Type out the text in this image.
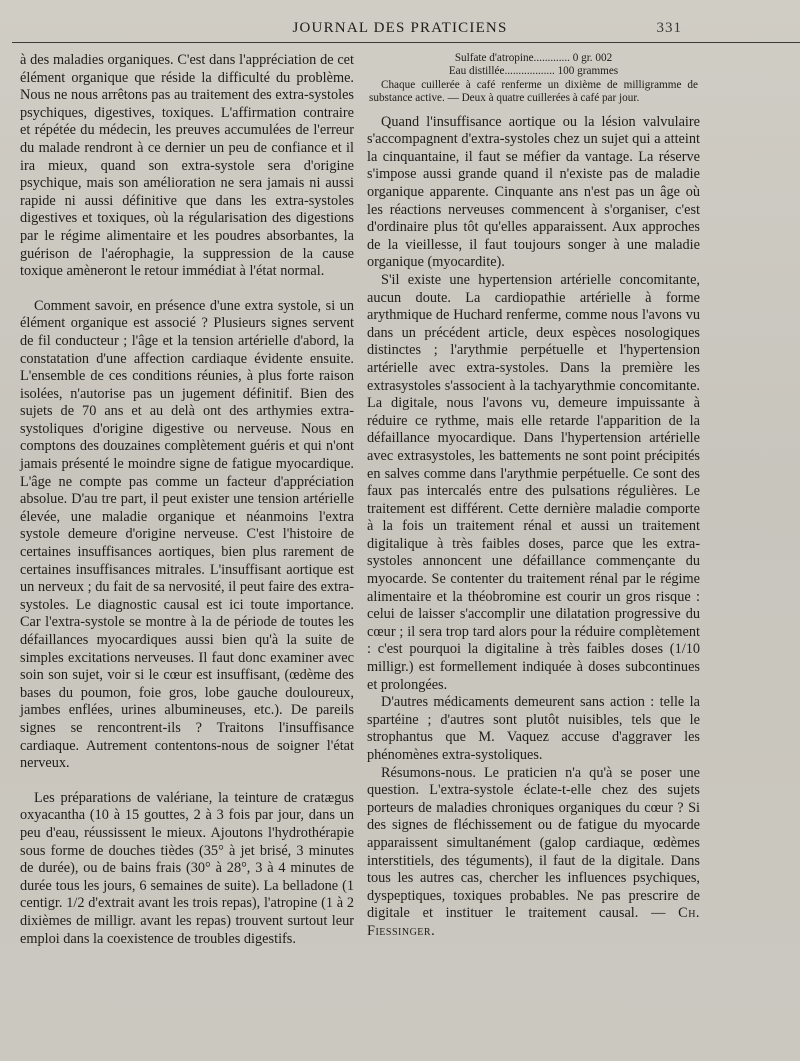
JOURNAL DES PRATICIENS	331

à des maladies organiques. C'est dans l'appréciation de cet élément organique que réside la difficulté du problème. Nous ne nous arrêtons pas au traitement des extra-systoles psychiques, digestives, toxiques. L'affirmation contraire et répétée du médecin, les preuves accumulées de l'erreur du malade rendront à ce dernier un peu de confiance et il ira mieux, quand son extra-systole sera d'origine psychique, mais son amélioration ne sera jamais ni aussi rapide ni aussi définitive que dans les extra-systoles digestives et toxiques, où la régularisation des digestions par le régime alimentaire et les poudres absorbantes, la guérison de l'aérophagie, la suppression de la cause toxique amèneront le retour immédiat à l'état normal.

Comment savoir, en présence d'une extra systole, si un élément organique est associé ? Plusieurs signes servent de fil conducteur ; l'âge et la tension artérielle d'abord, la constatation d'une affection cardiaque évidente ensuite. L'ensemble de ces conditions réunies, à plus forte raison isolées, n'autorise pas un jugement définitif. Bien des sujets de 70 ans et au delà ont des arthymies extra-systoliques d'origine digestive ou nerveuse. Nous en comptons des douzaines complètement guéris et qui n'ont jamais présenté le moindre signe de fatigue myocardique. L'âge ne compte pas comme un facteur d'appréciation absolue. D'au tre part, il peut exister une tension artérielle élevée, une maladie organique et néanmoins l'extra systole demeure d'origine nerveuse. C'est l'histoire de certaines insuffisances aortiques, bien plus rarement de certaines insuffisances mitrales. L'insuffisant aortique est un nerveux ; du fait de sa nervosité, il peut faire des extra-systoles. Le diagnostic causal est ici toute importance. Car l'extra-systole se montre à la de période de toutes les défaillances myocardiques aussi bien qu'à la suite de simples excitations nerveuses. Il faut donc examiner avec soin son sujet, voir si le cœur est insuffisant, (œdème des bases du poumon, foie gros, lobe gauche douloureux, jambes enflées, urines albumineuses, etc.). De pareils signes se rencontrent-ils ? Traitons l'insuffisance cardiaque. Autrement contentons-nous de soigner l'état nerveux.

Les préparations de valériane, la teinture de cratægus oxyacantha (10 à 15 gouttes, 2 à 3 fois par jour, dans un peu d'eau, réussissent le mieux. Ajoutons l'hydrothérapie sous forme de douches tièdes (35° à jet brisé, 3 minutes de durée), ou de bains frais (30° à 28°, 3 à 4 minutes de durée tous les jours, 6 semaines de suite). La belladone (1 centigr. 1/2 d'extrait avant les trois repas), l'atropine (1 à 2 dixièmes de milligr. avant les repas) trouvent surtout leur emploi dans la coexistence de troubles digestifs.

Sulfate d'atropine............. 0 gr. 002
Eau distillée.................. 100 grammes
Chaque cuillerée à café renferme un dixième de milligramme de substance active. — Deux à quatre cuillerées à café par jour.

Quand l'insuffisance aortique ou la lésion valvulaire s'accompagnent d'extra-systoles chez un sujet qui a atteint la cinquantaine, il faut se méfier da vantage. La réserve s'impose aussi grande quand il n'existe pas de maladie organique apparente. Cinquante ans n'est pas un âge où les réactions nerveuses commencent à s'organiser, c'est d'ordinaire plus tôt qu'elles apparaissent. Aux approches de la vieillesse, il faut toujours songer à une maladie organique (myocardite).

S'il existe une hypertension artérielle concomitante, aucun doute. La cardiopathie artérielle à forme arythmique de Huchard renferme, comme nous l'avons vu dans un précédent article, deux espèces nosologiques distinctes ; l'arythmie perpétuelle et l'hypertension artérielle avec extra-systoles. Dans la première les extrasystoles s'associent à la tachyarythmie concomitante. La digitale, nous l'avons vu, demeure impuissante à réduire ce rythme, mais elle retarde l'apparition de la défaillance myocardique. Dans l'hypertension artérielle avec extrasystoles, les battements ne sont point précipités en salves comme dans l'arythmie perpétuelle. Ce sont des faux pas intercalés entre des pulsations régulières. Le traitement est différent. Cette dernière maladie comporte à la fois un traitement rénal et aussi un traitement digitalique à très faibles doses, parce que les extra-systoles annoncent une défaillance commençante du myocarde. Se contenter du traitement rénal par le régime alimentaire et la théobromine est courir un gros risque : celui de laisser s'accomplir une dilatation progressive du cœur ; il sera trop tard alors pour la réduire complètement : c'est pourquoi la digitaline à très faibles doses (1/10 milligr.) est formellement indiquée à doses subcontinues et prolongées.

D'autres médicaments demeurent sans action : telle la spartéine ; d'autres sont plutôt nuisibles, tels que le strophantus que M. Vaquez accuse d'aggraver les phénomènes extra-systoliques.

Résumons-nous. Le praticien n'a qu'à se poser une question. L'extra-systole éclate-t-elle chez des sujets porteurs de maladies chroniques organiques du cœur ? Si des signes de fléchissement ou de fatigue du myocarde apparaissent simultanément (galop cardiaque, œdèmes interstitiels, des téguments), il faut de la digitale. Dans tous les autres cas, chercher les influences psychiques, dyspeptiques, toxiques probables. Ne pas prescrire de digitale et instituer le traitement causal. — Ch. Fiessinger.
